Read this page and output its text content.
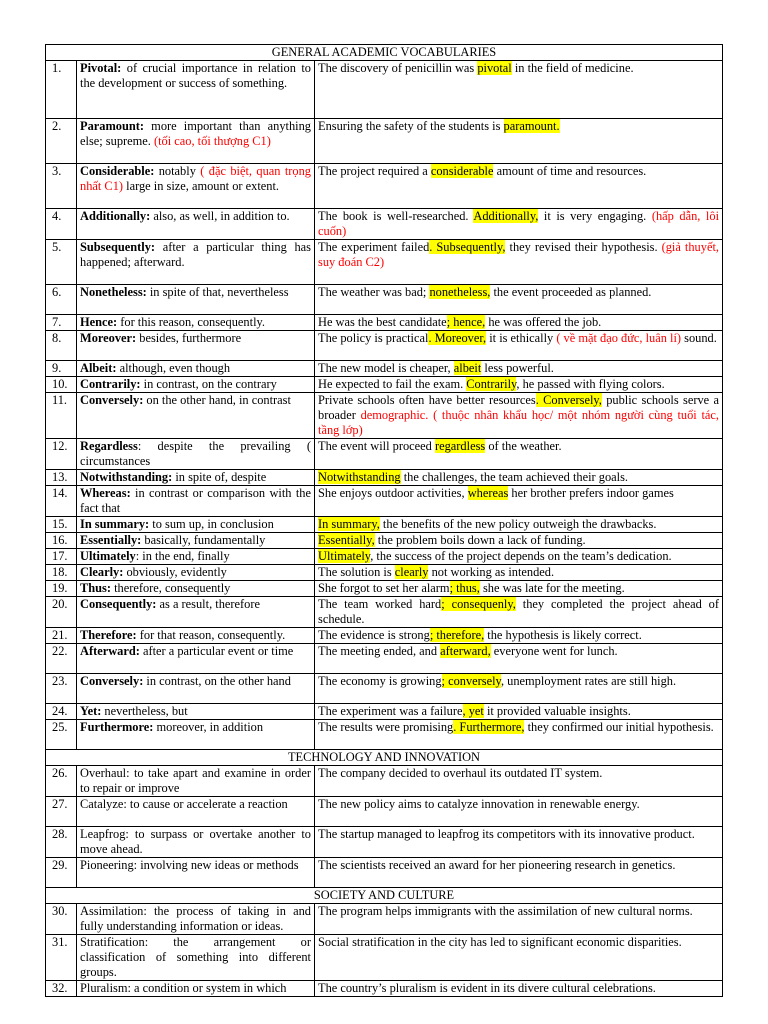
GENERAL ACADEMIC VOCABULARIES		
1.	Pivotal: of crucial importance in relation to the development or success of something.	The discovery of penicillin was pivotal in the field of medicine.
2.	Paramount: more important than anything else; supreme. (tối cao, tối thượng C1)	Ensuring the safety of the students is paramount.
3.	Considerable: notably ( đặc biệt, quan trọng nhất C1) large in size, amount or extent.	The project required a considerable amount of time and resources.
4.	Additionally: also, as well, in addition to.	The book is well-researched. Additionally, it is very engaging. (hấp dẫn, lôi cuốn)
5.	Subsequently: after a particular thing has happened; afterward.	The experiment failed. Subsequently, they revised their hypothesis. (giả thuyết, suy đoán C2)
6.	Nonetheless: in spite of that, nevertheless	The weather was bad; nonetheless, the event proceeded as planned.
7.	Hence: for this reason, consequently.	He was the best candidate; hence, he was offered the job.
8.	Moreover: besides, furthermore	The policy is practical. Moreover, it is ethically ( về mặt đạo đức, luân lí) sound.
9.	Albeit: although, even though	The new model is cheaper, albeit less powerful.
10.	Contrarily: in contrast, on the contrary	He expected to fail the exam. Contrarily, he passed with flying colors.
11.	Conversely: on the other hand, in contrast	Private schools often have better resources. Conversely, public schools serve a broader demographic. ( thuộc nhân khẩu học/ một nhóm người cùng tuổi tác, tầng lớp)
12.	Regardless: despite the prevailing ( circumstances	The event will proceed regardless of the weather.
13.	Notwithstanding: in spite of, despite	Notwithstanding the challenges, the team achieved their goals.
14.	Whereas: in contrast or comparison with the fact that	She enjoys outdoor activities, whereas her brother prefers indoor games
15.	In summary: to sum up, in conclusion	In summary, the benefits of the new policy outweigh the drawbacks.
16.	Essentially: basically, fundamentally	Essentially, the problem boils down a lack of funding.
17.	Ultimately: in the end, finally	Ultimately, the success of the project depends on the team’s dedication.
18.	Clearly: obviously, evidently	The solution is clearly not working as intended.
19.	Thus: therefore, consequently	She forgot to set her alarm; thus, she was late for the meeting.
20.	Consequently: as a result, therefore	The team worked hard; consequenly, they completed the project ahead of schedule.
21.	Therefore: for that reason, consequently.	The evidence is strong; therefore, the hypothesis is likely correct.
22.	Afterward: after a particular event or time	The meeting ended, and afterward, everyone went for lunch.
23.	Conversely: in contrast, on the other hand	The economy is growing; conversely, unemployment rates are still high.
24.	Yet: nevertheless, but	The experiment was a failure, yet it provided valuable insights.
25.	Furthermore: moreover, in addition	The results were promising. Furthermore, they confirmed our initial hypothesis.
TECHNOLOGY AND INNOVATION		
26.	Overhaul: to take apart and examine in order to repair or improve	The company decided to overhaul its outdated IT system.
27.	Catalyze: to cause or accelerate a reaction	The new policy aims to catalyze innovation in renewable energy.
28.	Leapfrog: to surpass or overtake another to move ahead.	The startup managed to leapfrog its competitors with its innovative product.
29.	Pioneering: involving new ideas or methods	The scientists received an award for her pioneering research in genetics.
SOCIETY AND CULTURE		
30.	Assimilation: the process of taking in and fully understanding information or ideas.	The program helps immigrants with the assimilation of new cultural norms.
31.	Stratification: the arrangement or classification of something into different groups.	Social stratification in the city has led to significant economic disparities.
32.	Pluralism: a condition or system in which	The country’s pluralism is evident in its divere cultural celebrations.
